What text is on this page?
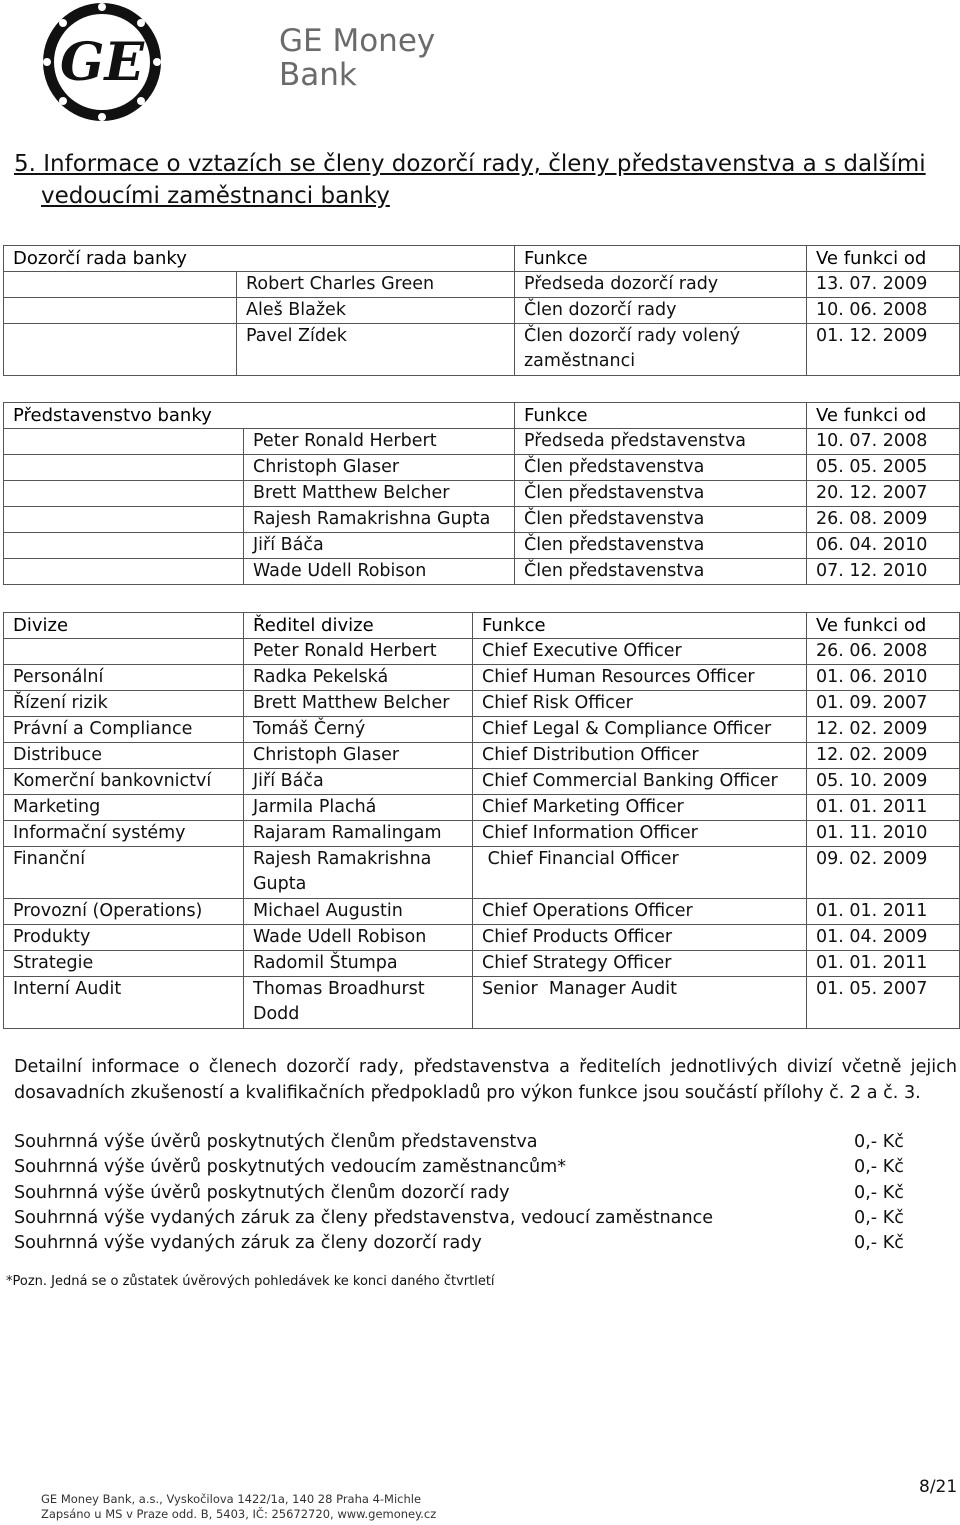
GE	GE Money
Bank
5. Informace o vztazích se členy dozorčí rady, členy představenstva a s dalšími
vedoucími zaměstnanci banky
Dozorčí rada banky		Funkce	Ve funkci od
	Robert Charles Green	Předseda dozorčí rady	13. 07. 2009
	Aleš Blažek	Člen dozorčí rady	10. 06. 2008
	Pavel Zídek	Člen dozorčí rady volený zaměstnanci	01. 12. 2009
Představenstvo banky		Funkce	Ve funkci od
	Peter Ronald Herbert	Předseda představenstva	10. 07. 2008
	Christoph Glaser	Člen představenstva	05. 05. 2005
	Brett Matthew Belcher	Člen představenstva	20. 12. 2007
	Rajesh Ramakrishna Gupta	Člen představenstva	26. 08. 2009
	Jiří Báča	Člen představenstva	06. 04. 2010
	Wade Udell Robison	Člen představenstva	07. 12. 2010
Divize	Ředitel divize	Funkce	Ve funkci od
	Peter Ronald Herbert	Chief Executive Officer	26. 06. 2008
Personální	Radka Pekelská	Chief Human Resources Officer	01. 06. 2010
Řízení rizik	Brett Matthew Belcher	Chief Risk Officer	01. 09. 2007
Právní a Compliance	Tomáš Černý	Chief Legal & Compliance Officer	12. 02. 2009
Distribuce	Christoph Glaser	Chief Distribution Officer	12. 02. 2009
Komerční bankovnictví	Jiří Báča	Chief Commercial Banking Officer	05. 10. 2009
Marketing	Jarmila Plachá	Chief Marketing Officer	01. 01. 2011
Informační systémy	Rajaram Ramalingam	Chief Information Officer	01. 11. 2010
Finanční	Rajesh Ramakrishna Gupta	Chief Financial Officer	09. 02. 2009
Provozní (Operations)	Michael Augustin	Chief Operations Officer	01. 01. 2011
Produkty	Wade Udell Robison	Chief Products Officer	01. 04. 2009
Strategie	Radomil Štumpa	Chief Strategy Officer	01. 01. 2011
Interní Audit	Thomas Broadhurst Dodd	Senior  Manager Audit	01. 05. 2007
Detailní informace o členech dozorčí rady, představenstva a ředitelích jednotlivých divizí včetně jejich dosavadních zkušeností a kvalifikačních předpokladů pro výkon funkce jsou součástí přílohy č. 2 a č. 3.
Souhrnná výše úvěrů poskytnutých členům představenstva	0,- Kč
Souhrnná výše úvěrů poskytnutých vedoucím zaměstnancům*	0,- Kč
Souhrnná výše úvěrů poskytnutých členům dozorčí rady	0,- Kč
Souhrnná výše vydaných záruk za členy představenstva, vedoucí zaměstnance	0,- Kč
Souhrnná výše vydaných záruk za členy dozorčí rady	0,- Kč
*Pozn. Jedná se o zůstatek úvěrových pohledávek ke konci daného čtvrtletí
8/21
GE Money Bank, a.s., Vyskočilova 1422/1a, 140 28 Praha 4-Michle
Zapsáno u MS v Praze odd. B, 5403, IČ: 25672720, www.gemoney.cz
